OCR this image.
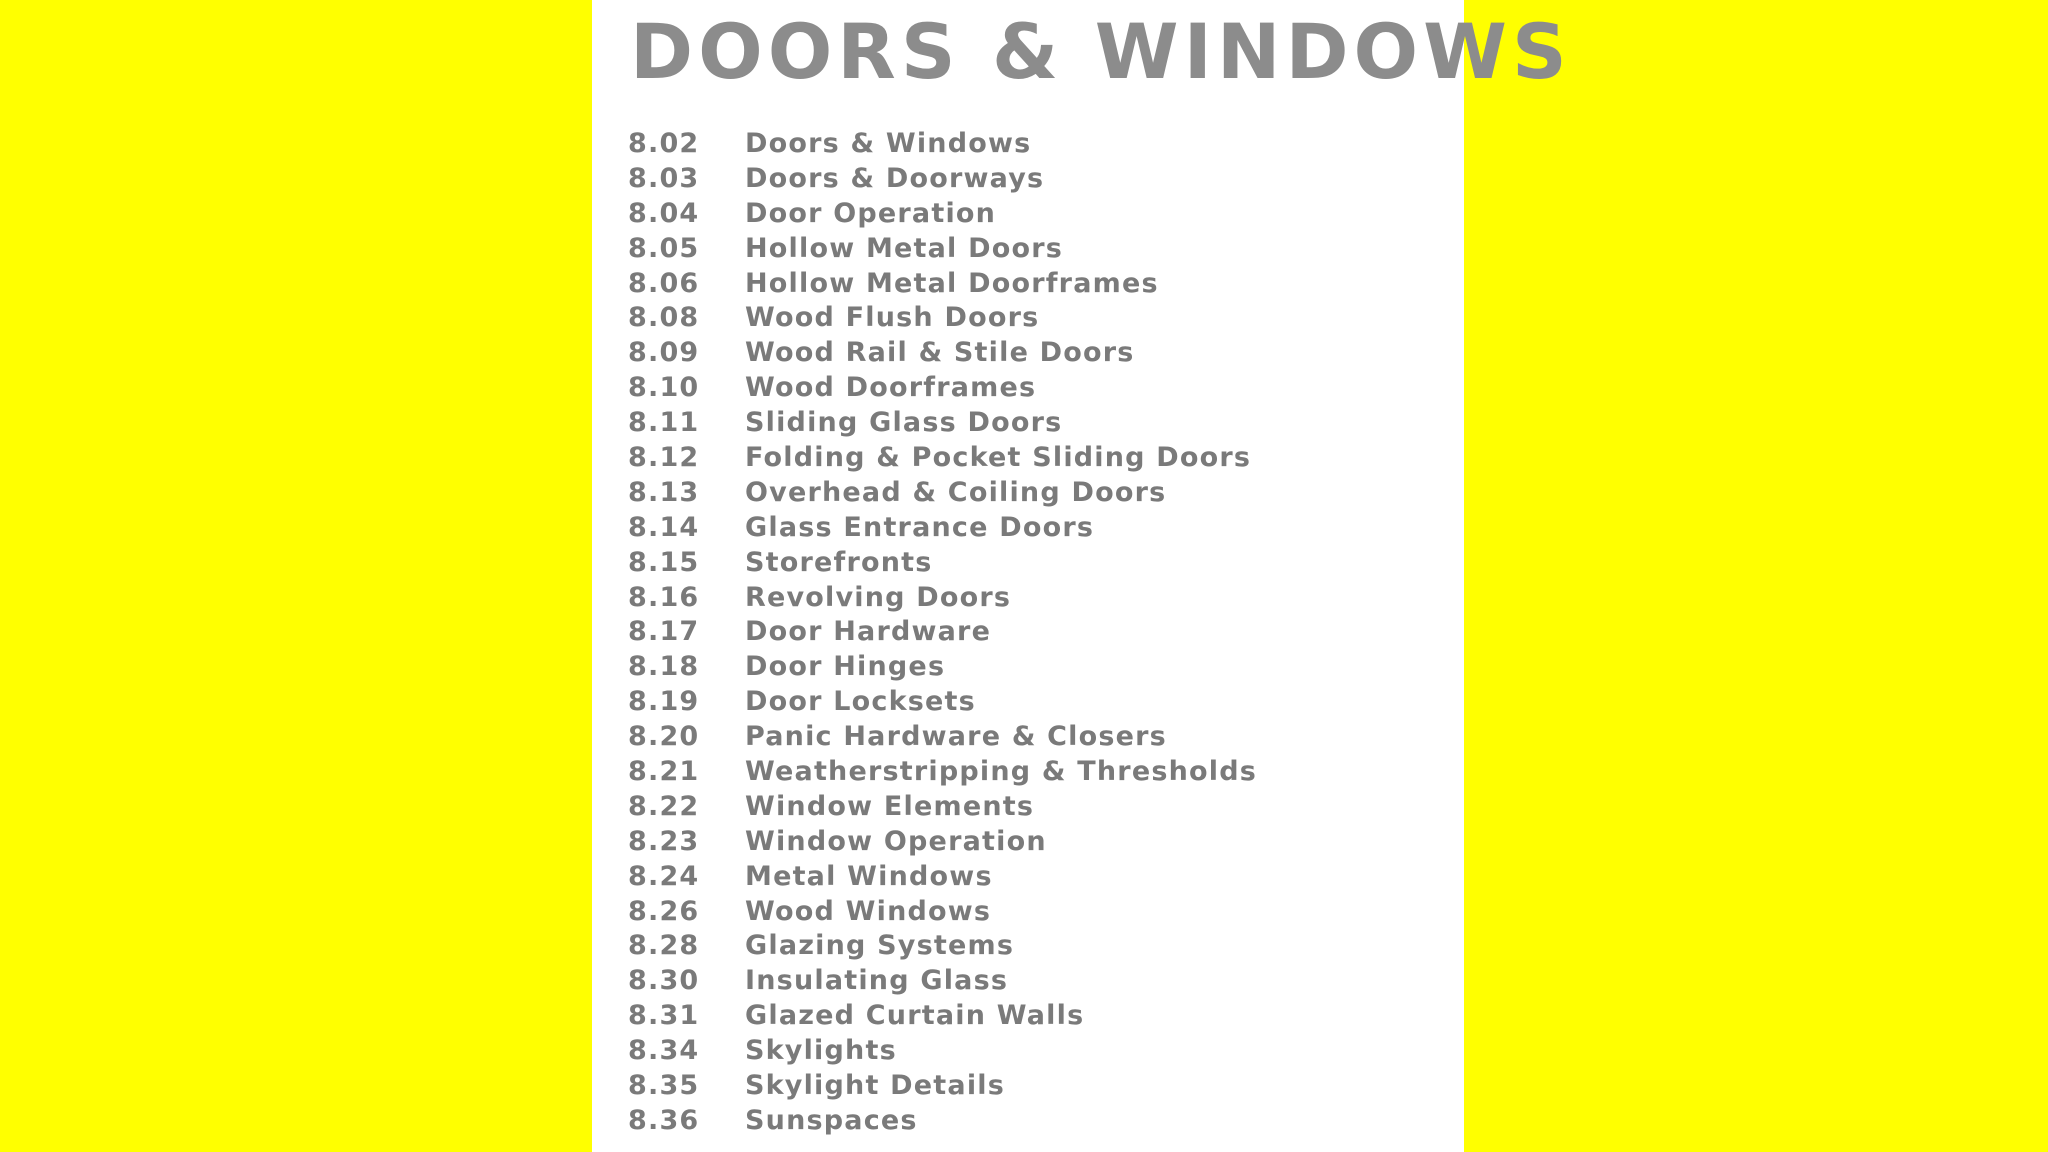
DOORS & WINDOWS
8.02 Doors & Windows
8.03 Doors & Doorways
8.04 Door Operation
8.05 Hollow Metal Doors
8.06 Hollow Metal Doorframes
8.08 Wood Flush Doors
8.09 Wood Rail & Stile Doors
8.10 Wood Doorframes
8.11 Sliding Glass Doors
8.12 Folding & Pocket Sliding Doors
8.13 Overhead & Coiling Doors
8.14 Glass Entrance Doors
8.15 Storefronts
8.16 Revolving Doors
8.17 Door Hardware
8.18 Door Hinges
8.19 Door Locksets
8.20 Panic Hardware & Closers
8.21 Weatherstripping & Thresholds
8.22 Window Elements
8.23 Window Operation
8.24 Metal Windows
8.26 Wood Windows
8.28 Glazing Systems
8.30 Insulating Glass
8.31 Glazed Curtain Walls
8.34 Skylights
8.35 Skylight Details
8.36 Sunspaces
